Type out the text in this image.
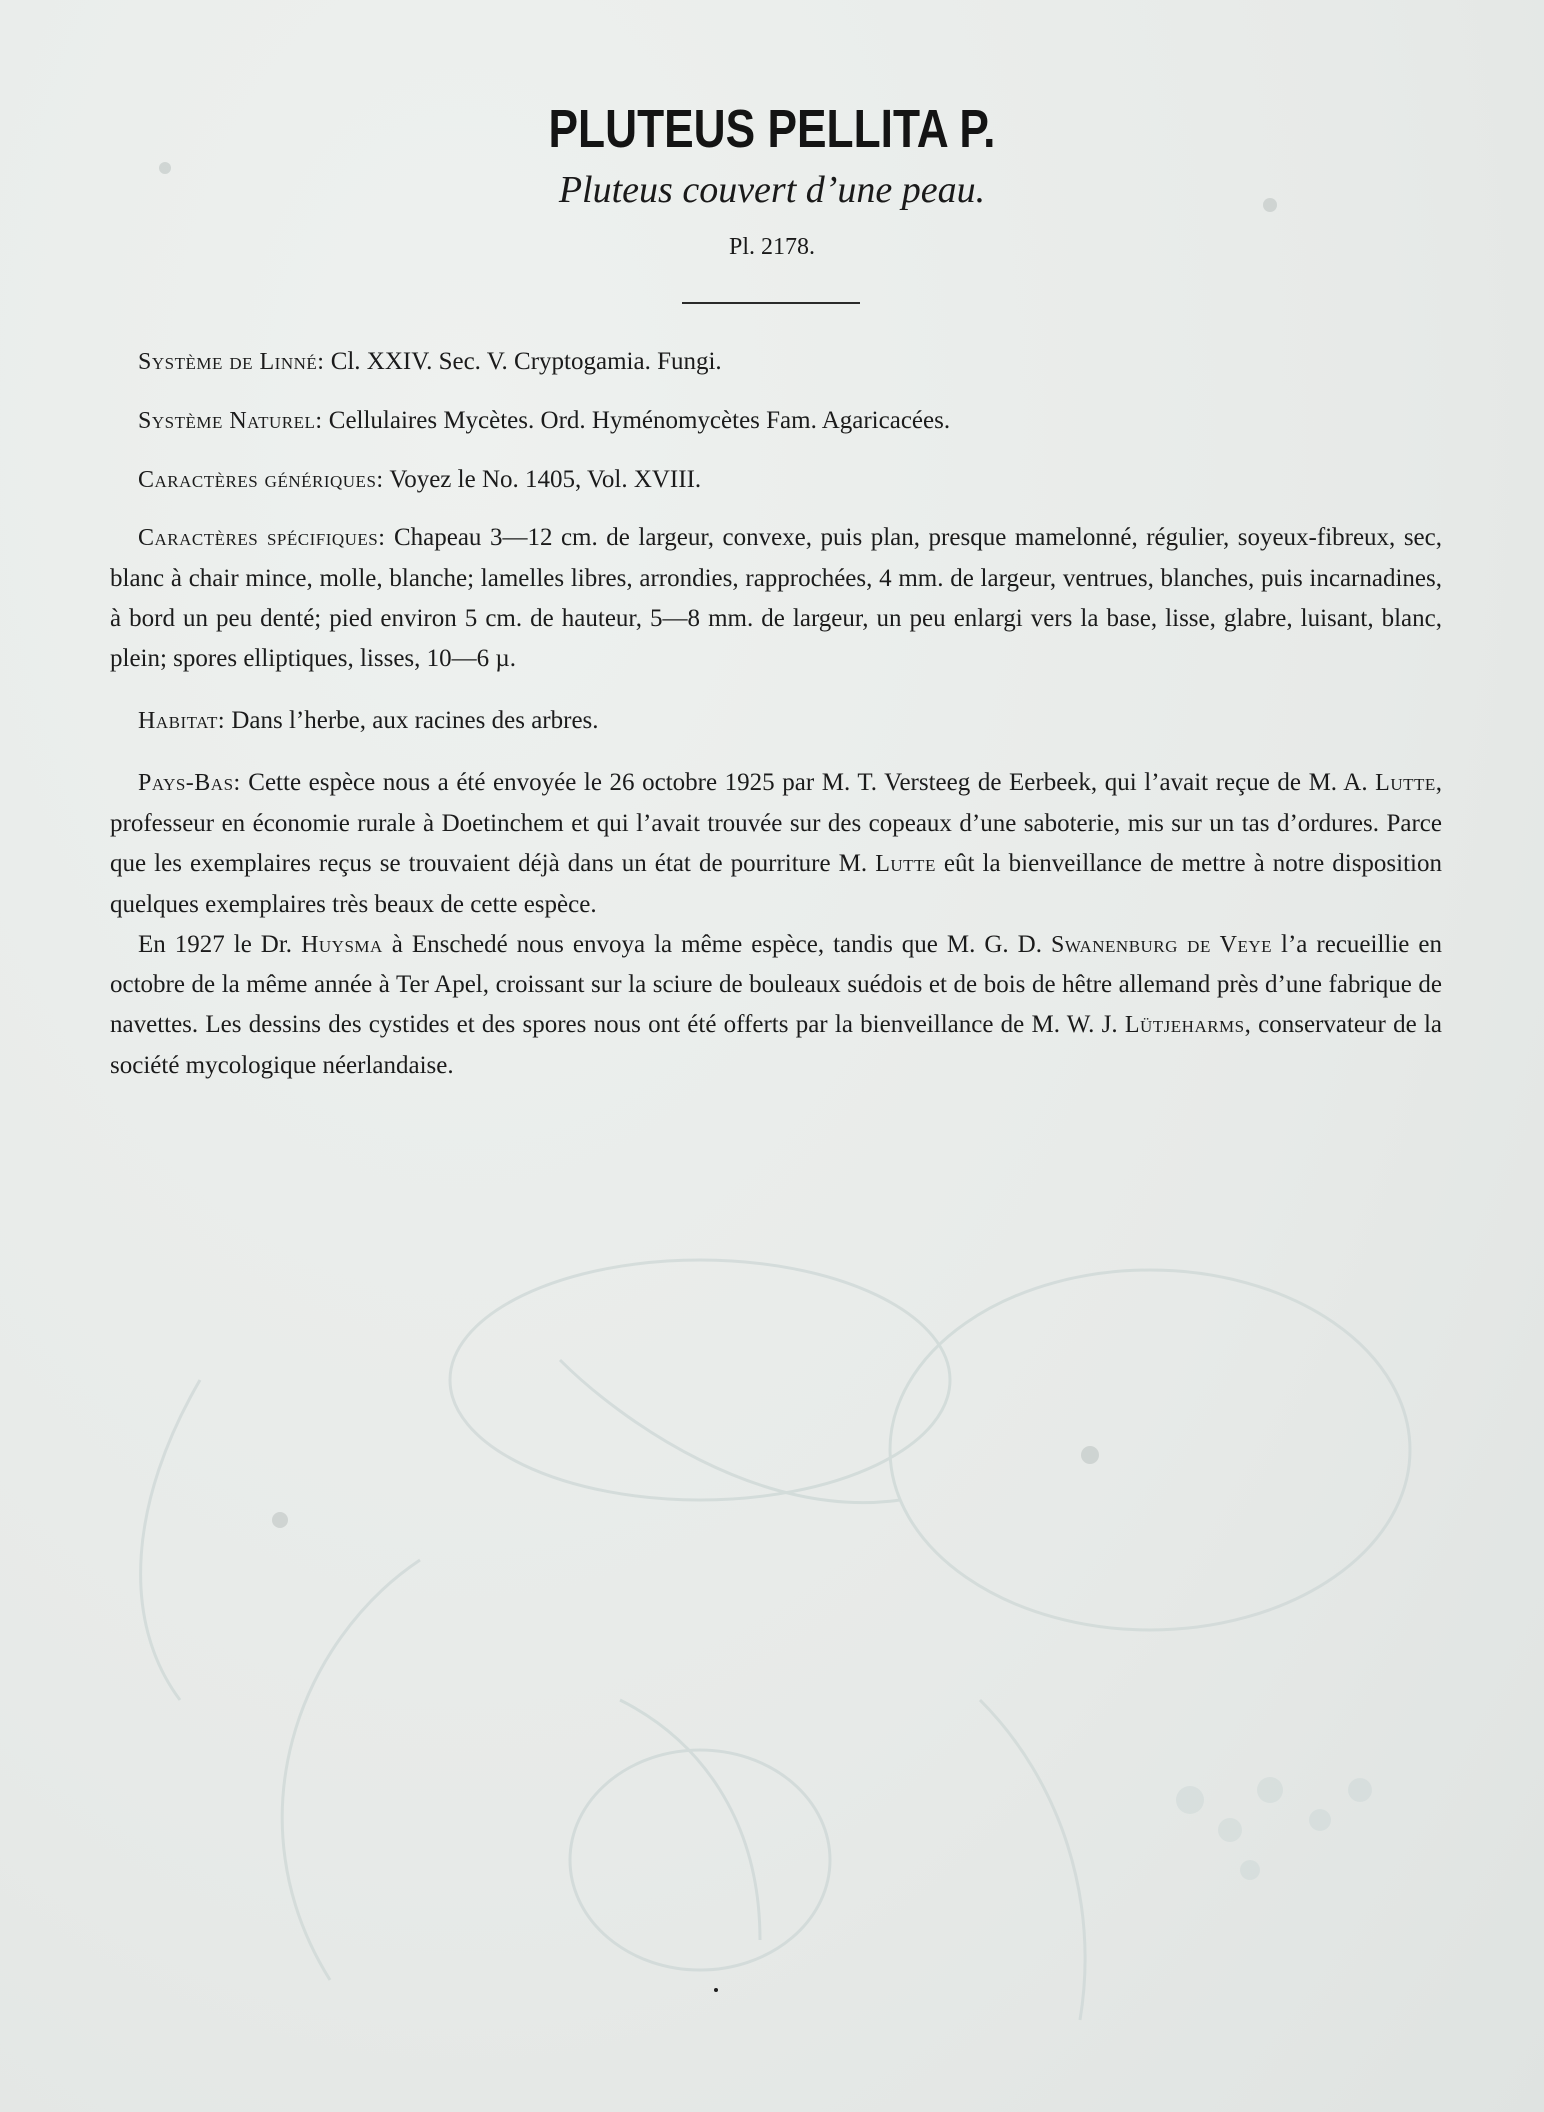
PLUTEUS PELLITA P.
Pluteus couvert d’une peau.
Pl. 2178.

Système de Linné: Cl. XXIV. Sec. V. Cryptogamia. Fungi.

Système Naturel: Cellulaires Mycètes. Ord. Hyménomycètes Fam. Agaricacées.

Caractères génériques: Voyez le No. 1405, Vol. XVIII.

Caractères spécifiques: Chapeau 3—12 cm. de largeur, convexe, puis plan, presque mamelonné, régulier, soyeux-fibreux, sec, blanc à chair mince, molle, blanche; lamelles libres, arrondies, rapprochées, 4 mm. de largeur, ventrues, blanches, puis incarnadines, à bord un peu denté; pied environ 5 cm. de hauteur, 5—8 mm. de largeur, un peu enlargi vers la base, lisse, glabre, luisant, blanc, plein; spores elliptiques, lisses, 10—6 µ.

Habitat: Dans l’herbe, aux racines des arbres.

Pays-Bas: Cette espèce nous a été envoyée le 26 octobre 1925 par M. T. Versteeg de Eerbeek, qui l’avait reçue de M. A. Lutte, professeur en économie rurale à Doetinchem et qui l’avait trouvée sur des copeaux d’une saboterie, mis sur un tas d’ordures. Parce que les exemplaires reçus se trouvaient déjà dans un état de pourriture M. Lutte eût la bienveillance de mettre à notre disposition quelques exemplaires très beaux de cette espèce.

En 1927 le Dr. Huysma à Enschedé nous envoya la même espèce, tandis que M. G. D. Swanenburg de Veye l’a recueillie en octobre de la même année à Ter Apel, croissant sur la sciure de bouleaux suédois et de bois de hêtre allemand près d’une fabrique de navettes. Les dessins des cystides et des spores nous ont été offerts par la bienveillance de M. W. J. Lütjeharms, conservateur de la société mycologique néerlandaise.
